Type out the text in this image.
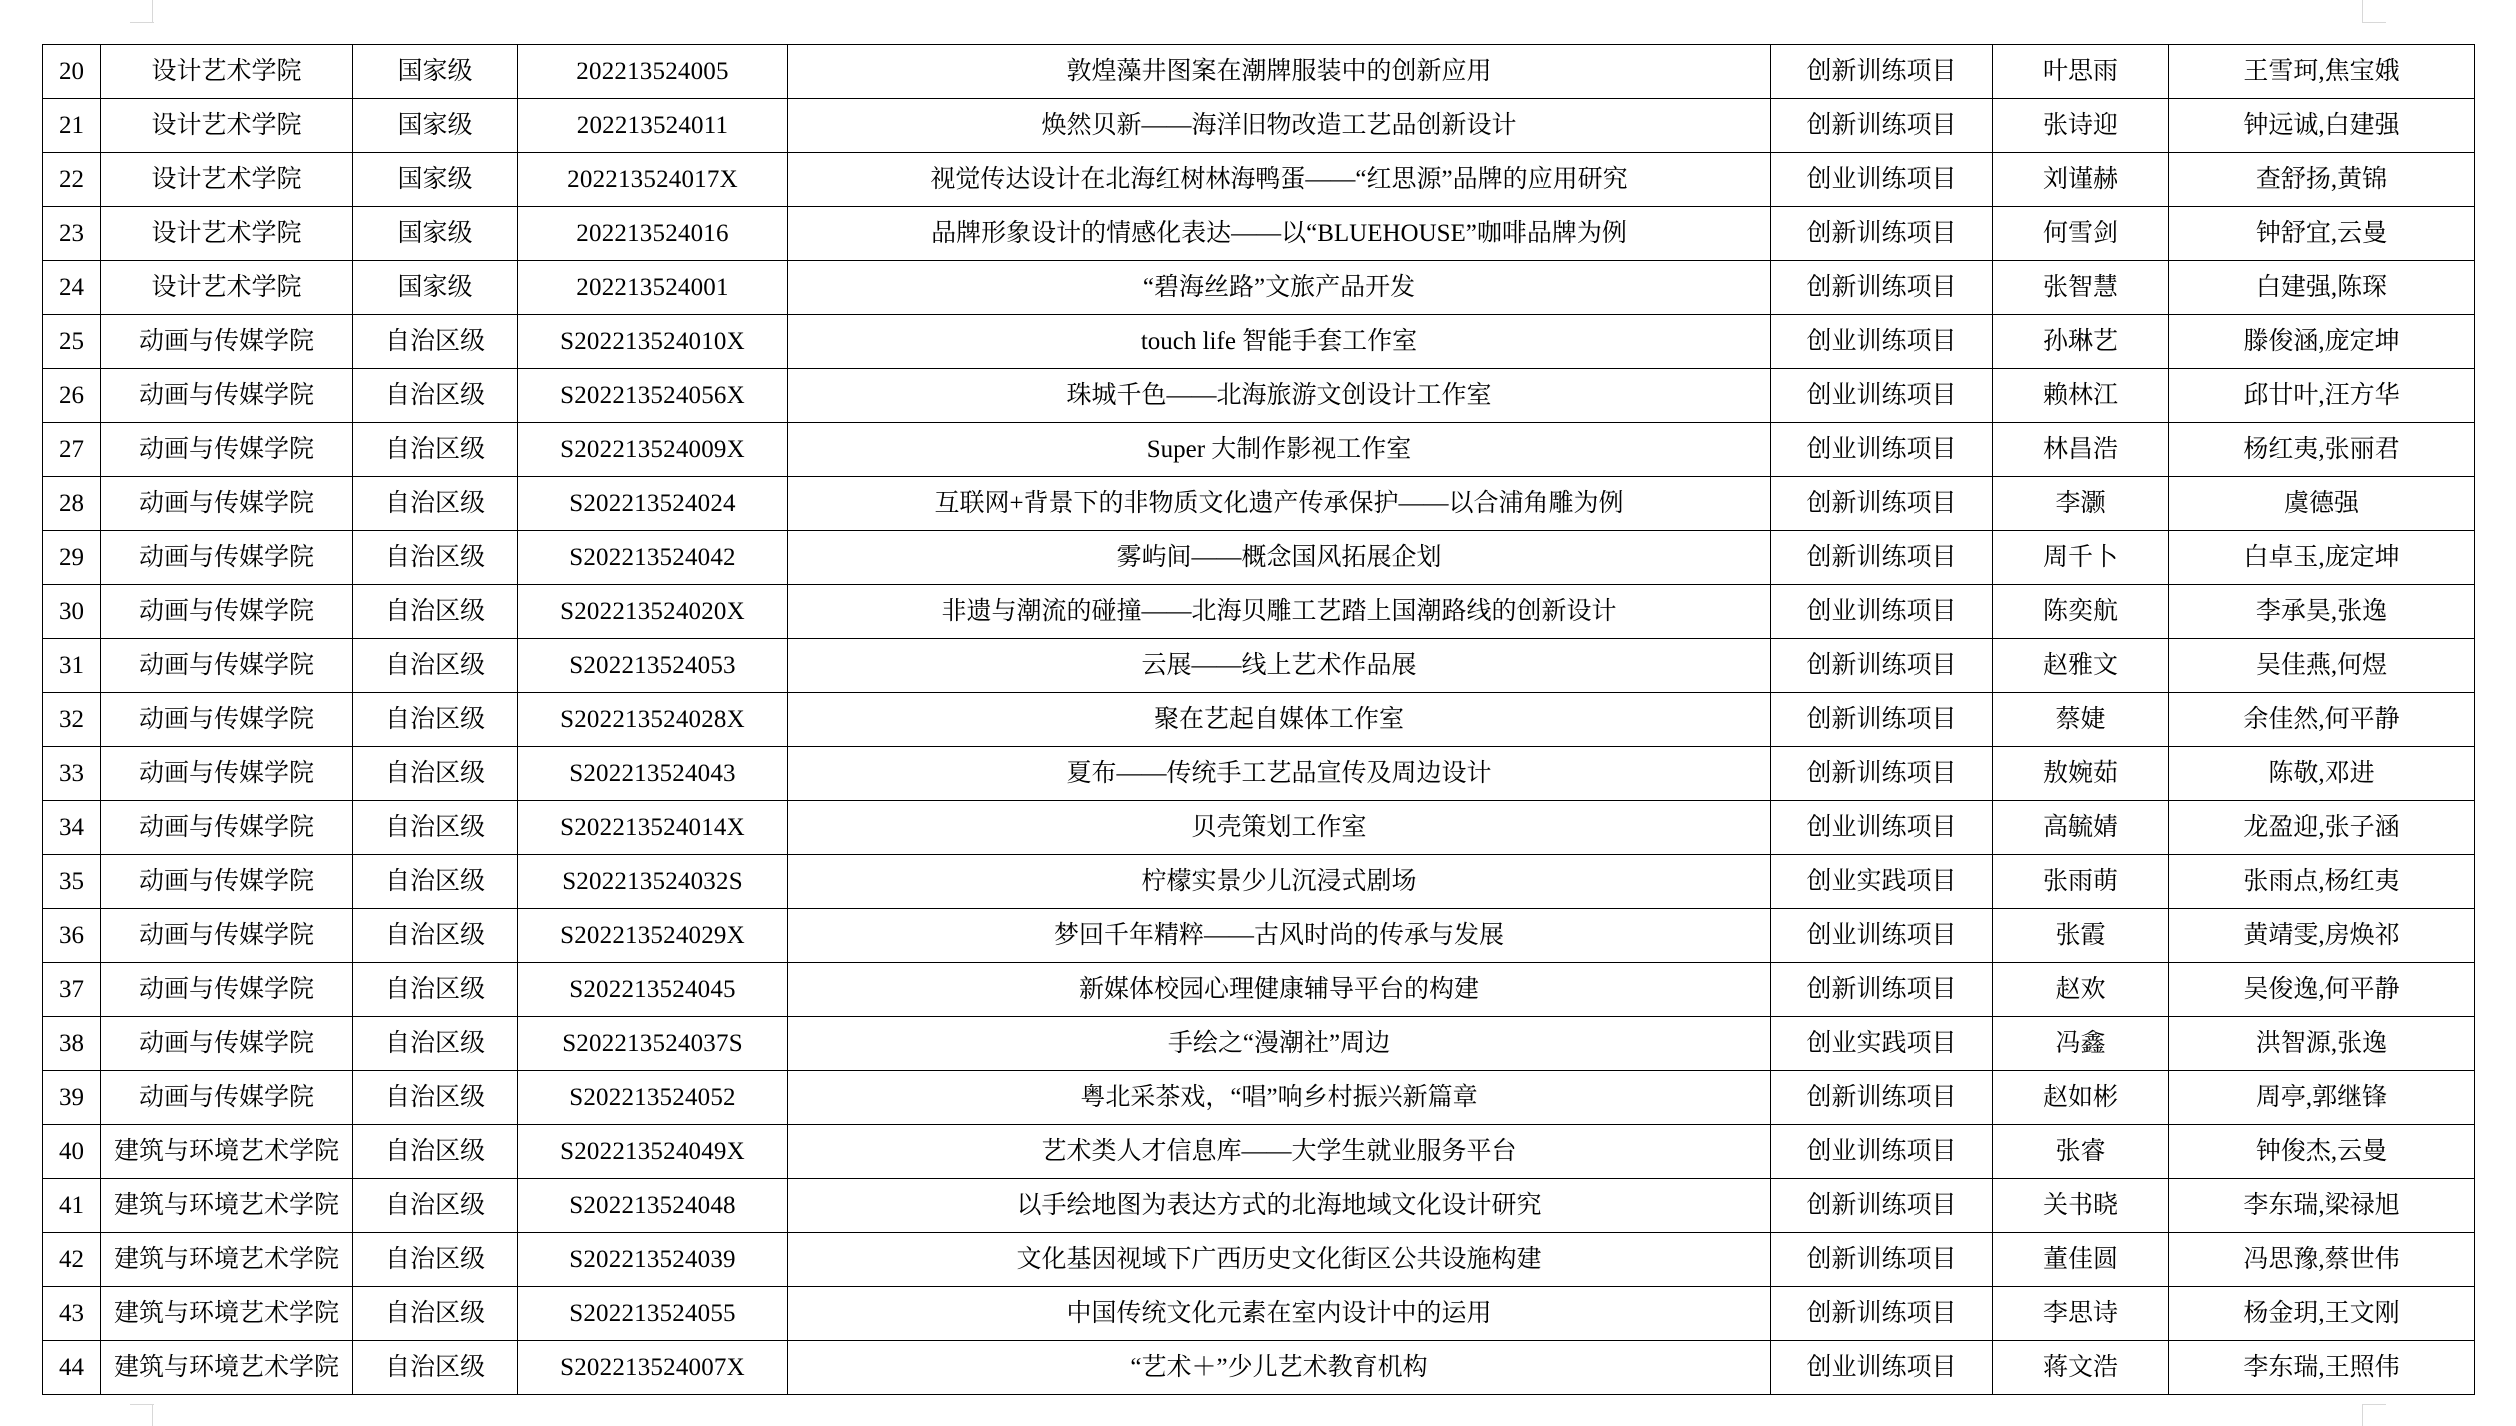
20	设计艺术学院	国家级	202213524005	敦煌藻井图案在潮牌服装中的创新应用	创新训练项目	叶思雨	王雪珂,焦宝娥
21	设计艺术学院	国家级	202213524011	焕然贝新——海洋旧物改造工艺品创新设计	创新训练项目	张诗迎	钟远诚,白建强
22	设计艺术学院	国家级	202213524017X	视觉传达设计在北海红树林海鸭蛋——“红思源”品牌的应用研究	创业训练项目	刘谨赫	查舒扬,黄锦
23	设计艺术学院	国家级	202213524016	品牌形象设计的情感化表达——以“BLUEHOUSE”咖啡品牌为例	创新训练项目	何雪剑	钟舒宜,云曼
24	设计艺术学院	国家级	202213524001	“碧海丝路”文旅产品开发	创新训练项目	张智慧	白建强,陈琛
25	动画与传媒学院	自治区级	S202213524010X	touch life 智能手套工作室	创业训练项目	孙琳艺	滕俊涵,庞定坤
26	动画与传媒学院	自治区级	S202213524056X	珠城千色——北海旅游文创设计工作室	创业训练项目	赖林江	邱廿叶,汪方华
27	动画与传媒学院	自治区级	S202213524009X	Super 大制作影视工作室	创业训练项目	林昌浩	杨红夷,张丽君
28	动画与传媒学院	自治区级	S202213524024	互联网+背景下的非物质文化遗产传承保护——以合浦角雕为例	创新训练项目	李灏	虞德强
29	动画与传媒学院	自治区级	S202213524042	雾屿间——概念国风拓展企划	创新训练项目	周千卜	白卓玉,庞定坤
30	动画与传媒学院	自治区级	S202213524020X	非遗与潮流的碰撞——北海贝雕工艺踏上国潮路线的创新设计	创业训练项目	陈奕航	李承昊,张逸
31	动画与传媒学院	自治区级	S202213524053	云展——线上艺术作品展	创新训练项目	赵雅文	吴佳燕,何煜
32	动画与传媒学院	自治区级	S202213524028X	聚在艺起自媒体工作室	创新训练项目	蔡婕	余佳然,何平静
33	动画与传媒学院	自治区级	S202213524043	夏布——传统手工艺品宣传及周边设计	创新训练项目	敖婉茹	陈敬,邓进
34	动画与传媒学院	自治区级	S202213524014X	贝壳策划工作室	创业训练项目	高毓婧	龙盈迎,张子涵
35	动画与传媒学院	自治区级	S202213524032S	柠檬实景少儿沉浸式剧场	创业实践项目	张雨萌	张雨点,杨红夷
36	动画与传媒学院	自治区级	S202213524029X	梦回千年精粹——古风时尚的传承与发展	创业训练项目	张霞	黄靖雯,房焕祁
37	动画与传媒学院	自治区级	S202213524045	新媒体校园心理健康辅导平台的构建	创新训练项目	赵欢	吴俊逸,何平静
38	动画与传媒学院	自治区级	S202213524037S	手绘之“漫潮社”周边	创业实践项目	冯鑫	洪智源,张逸
39	动画与传媒学院	自治区级	S202213524052	粤北采茶戏，“唱”响乡村振兴新篇章	创新训练项目	赵如彬	周亭,郭继锋
40	建筑与环境艺术学院	自治区级	S202213524049X	艺术类人才信息库——大学生就业服务平台	创业训练项目	张睿	钟俊杰,云曼
41	建筑与环境艺术学院	自治区级	S202213524048	以手绘地图为表达方式的北海地域文化设计研究	创新训练项目	关书晓	李东瑞,梁禄旭
42	建筑与环境艺术学院	自治区级	S202213524039	文化基因视域下广西历史文化街区公共设施构建	创新训练项目	董佳圆	冯思豫,蔡世伟
43	建筑与环境艺术学院	自治区级	S202213524055	中国传统文化元素在室内设计中的运用	创新训练项目	李思诗	杨金玥,王文刚
44	建筑与环境艺术学院	自治区级	S202213524007X	“艺术＋”少儿艺术教育机构	创业训练项目	蒋文浩	李东瑞,王照伟
